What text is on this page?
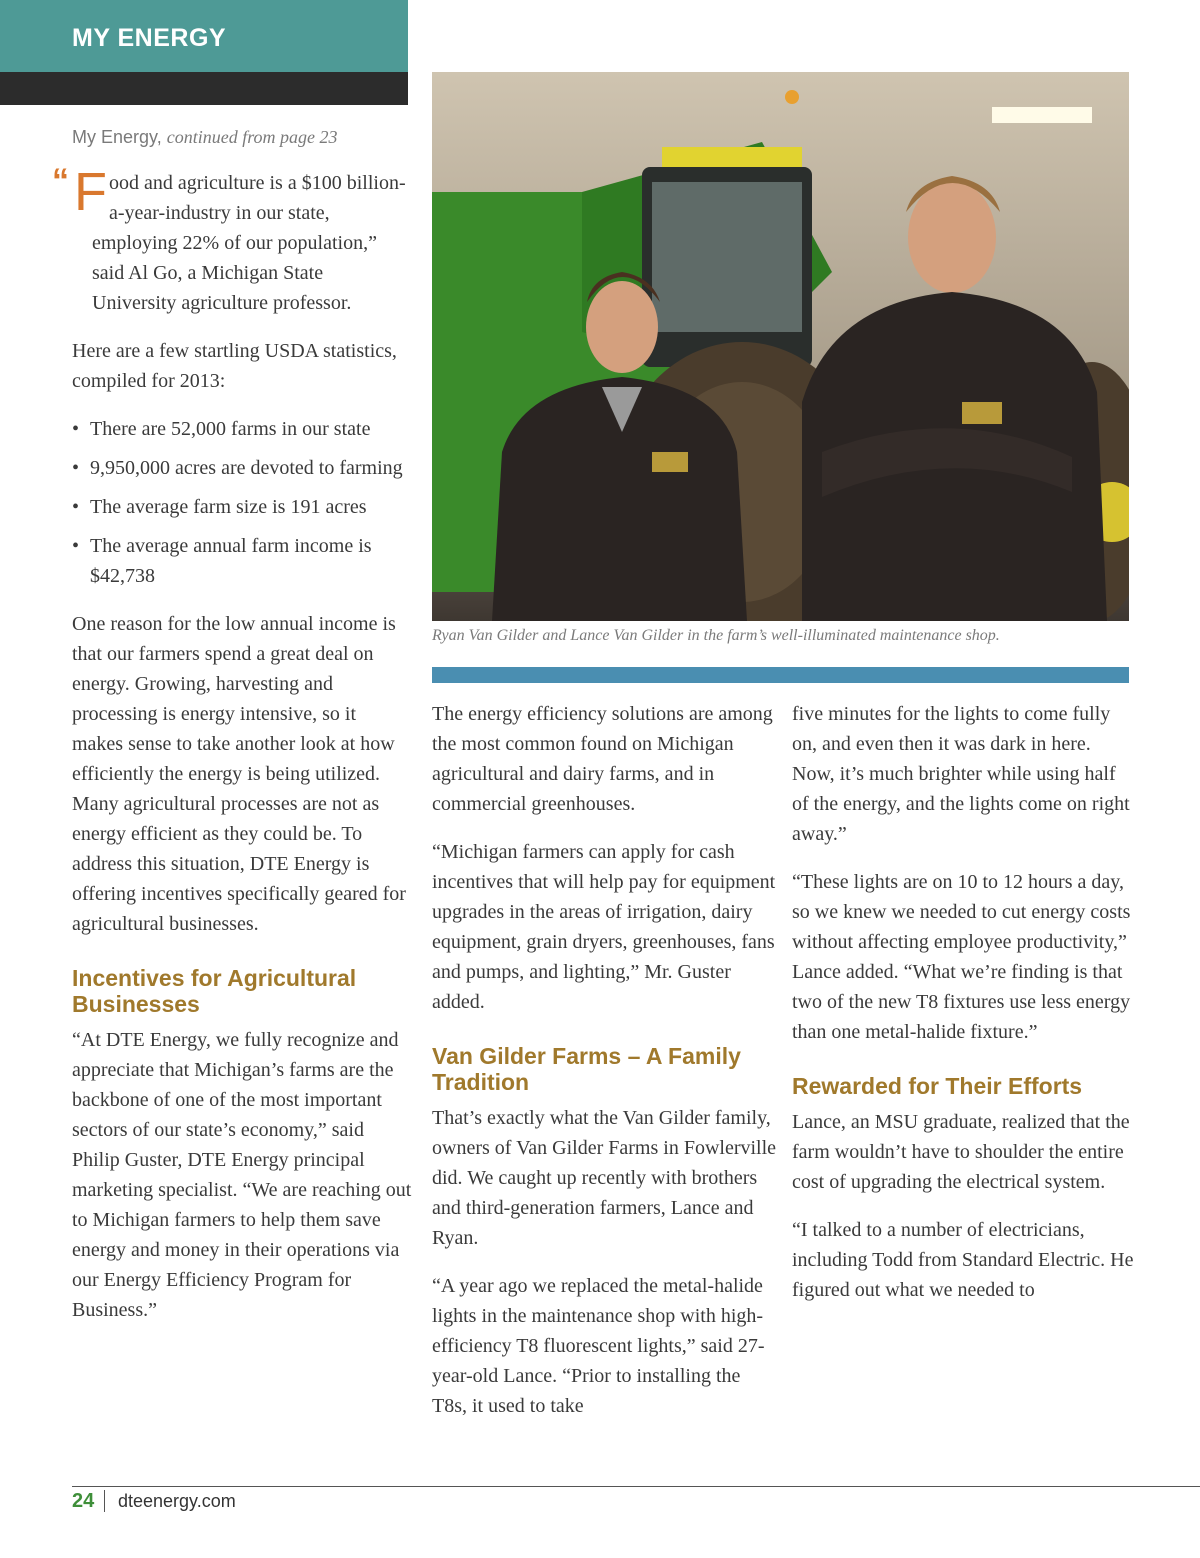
MY ENERGY
My Energy, continued from page 23

“ F ood and agriculture is a $100 billion-a-year-industry in our state, employing 22% of our population,” said Al Go, a Michigan State University agriculture professor.

Here are a few startling USDA statistics, compiled for 2013:

• There are 52,000 farms in our state
• 9,950,000 acres are devoted to farming
• The average farm size is 191 acres
• The average annual farm income is $42,738

One reason for the low annual income is that our farmers spend a great deal on energy. Growing, harvesting and processing is energy intensive, so it makes sense to take another look at how efficiently the energy is being utilized. Many agricultural processes are not as energy efficient as they could be. To address this situation, DTE Energy is offering incentives specifically geared for agricultural businesses.

Incentives for Agricultural Businesses

“At DTE Energy, we fully recognize and appreciate that Michigan’s farms are the backbone of one of the most important sectors of our state’s economy,” said Philip Guster, DTE Energy principal marketing specialist. “We are reaching out to Michigan farmers to help them save energy and money in their operations via our Energy Efficiency Program for Business.”

Ryan Van Gilder and Lance Van Gilder in the farm’s well-illuminated maintenance shop.

The energy efficiency solutions are among the most common found on Michigan agricultural and dairy farms, and in commercial greenhouses.

“Michigan farmers can apply for cash incentives that will help pay for equipment upgrades in the areas of irrigation, dairy equipment, grain dryers, greenhouses, fans and pumps, and lighting,” Mr. Guster added.

Van Gilder Farms – A Family Tradition

That’s exactly what the Van Gilder family, owners of Van Gilder Farms in Fowlerville did. We caught up recently with brothers and third-generation farmers, Lance and Ryan.

“A year ago we replaced the metal-halide lights in the maintenance shop with high-efficiency T8 fluorescent lights,” said 27-year-old Lance. “Prior to installing the T8s, it used to take

five minutes for the lights to come fully on, and even then it was dark in here. Now, it’s much brighter while using half of the energy, and the lights come on right away.”

“These lights are on 10 to 12 hours a day, so we knew we needed to cut energy costs without affecting employee productivity,” Lance added. “What we’re finding is that two of the new T8 fixtures use less energy than one metal-halide fixture.”

Rewarded for Their Efforts

Lance, an MSU graduate, realized that the farm wouldn’t have to shoulder the entire cost of upgrading the electrical system.

“I talked to a number of electricians, including Todd from Standard Electric. He figured out what we needed to

24 dteenergy.com
